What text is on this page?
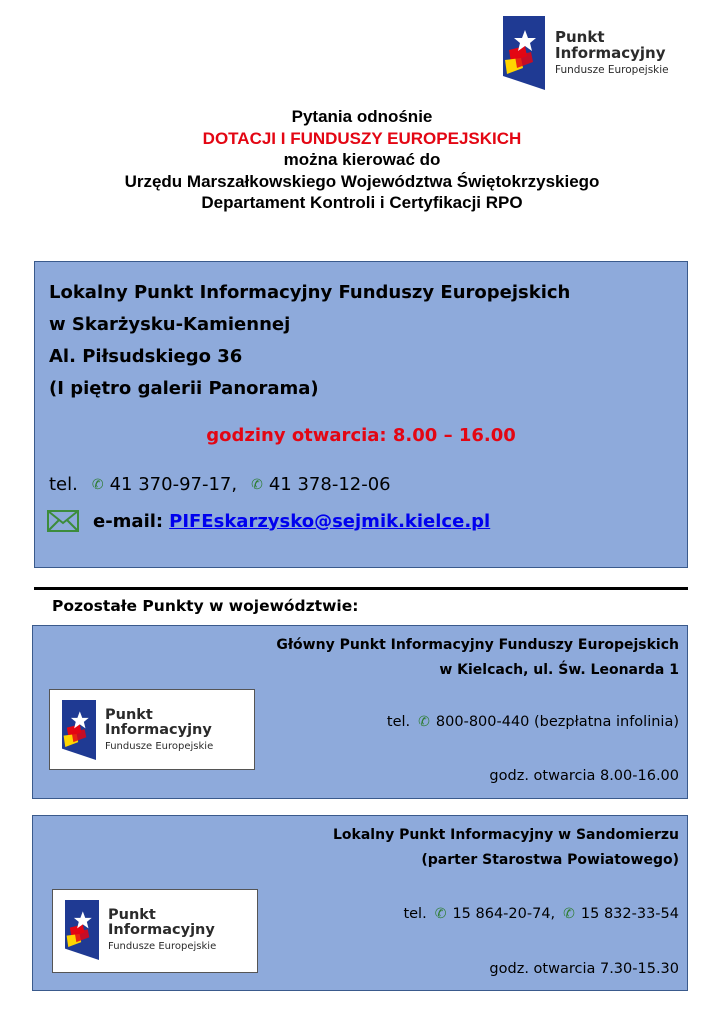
Punkt
Informacyjny
Fundusze Europejskie
Pytania odnośnie
DOTACJI I FUNDUSZY EUROPEJSKICH
można kierować do
Urzędu Marszałkowskiego Województwa Świętokrzyskiego
Departament Kontroli i Certyfikacji RPO
Lokalny Punkt Informacyjny Funduszy Europejskich
w Skarżysku-Kamiennej
Al. Piłsudskiego 36
(I piętro galerii Panorama)
godziny otwarcia: 8.00 – 16.00
tel. ✆ 41 370-97-17, ✆ 41 378-12-06
e-mail: PIFEskarzysko@sejmik.kielce.pl
Pozostałe Punkty w województwie:
Główny Punkt Informacyjny Funduszy Europejskich
w Kielcach, ul. Św. Leonarda 1
Punkt
Informacyjny
Fundusze Europejskie
tel. ✆ 800-800-440 (bezpłatna infolinia)
godz. otwarcia 8.00-16.00
Lokalny Punkt Informacyjny w Sandomierzu
(parter Starostwa Powiatowego)
Punkt
Informacyjny
Fundusze Europejskie
tel. ✆ 15 864-20-74, ✆ 15 832-33-54
godz. otwarcia 7.30-15.30
